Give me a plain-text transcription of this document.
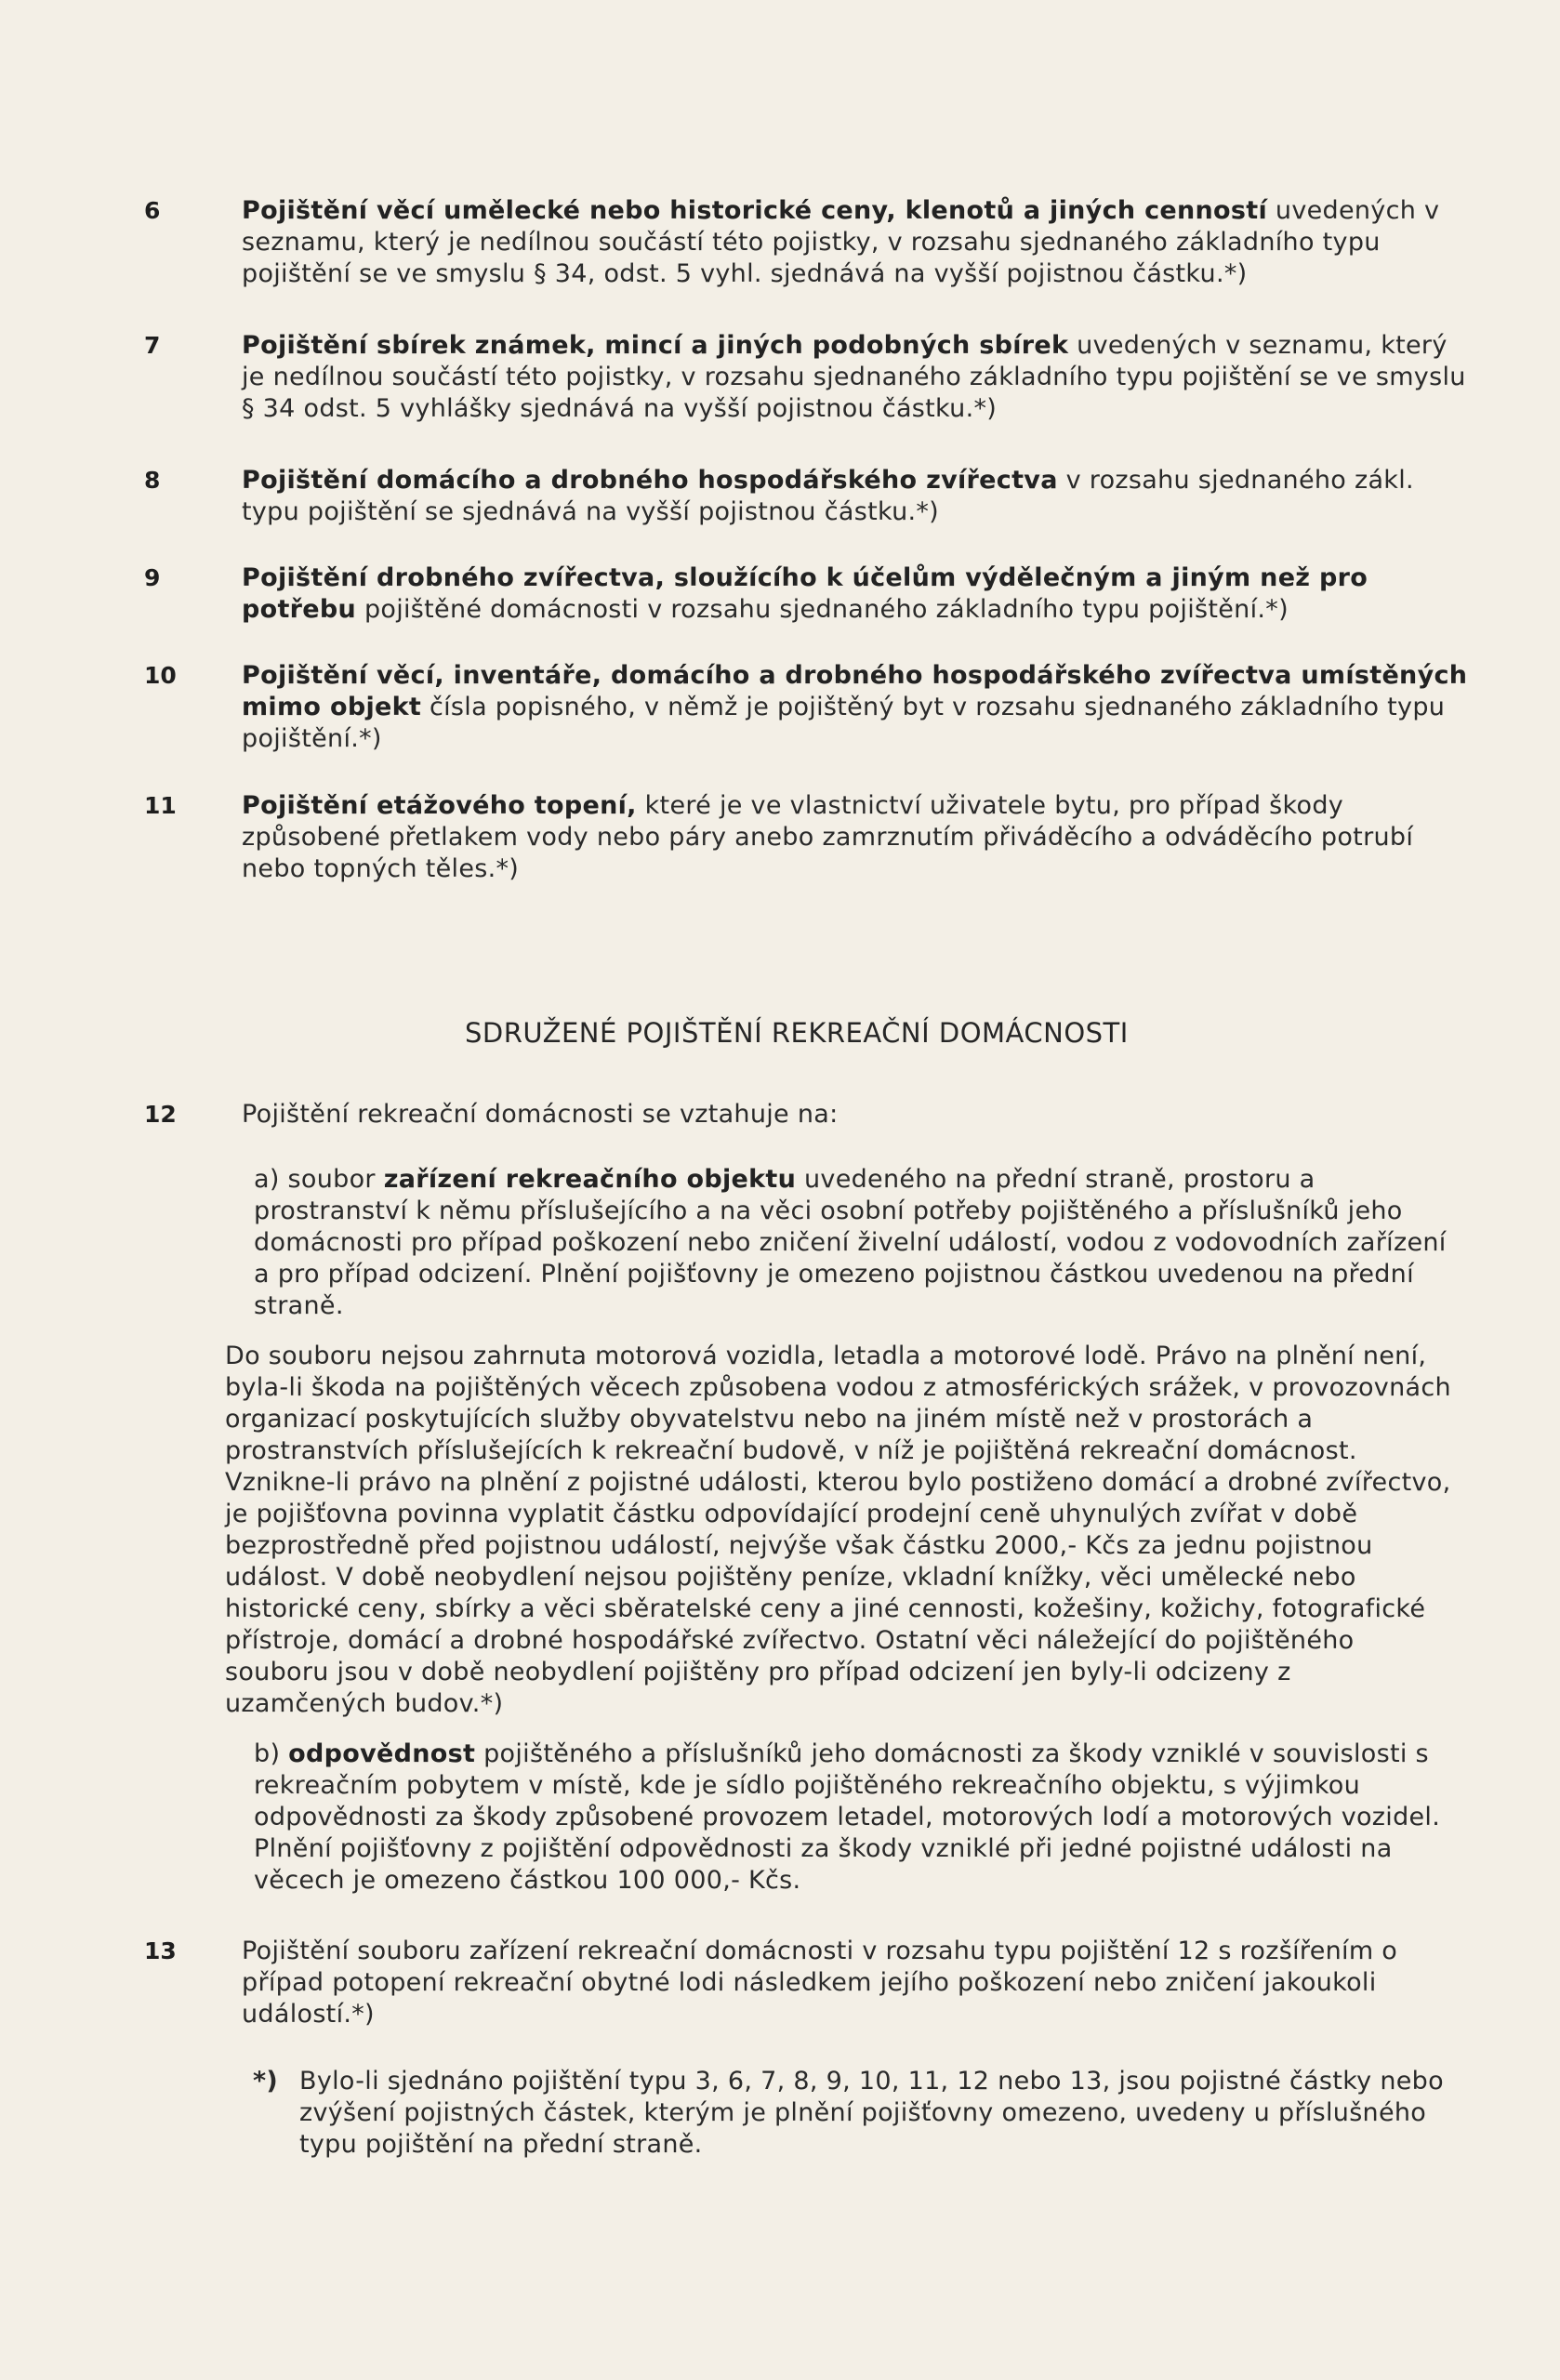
6	Pojištění věcí umělecké nebo historické ceny, klenotů a jiných cenností uvedených v seznamu, který je nedílnou součástí této pojistky, v rozsahu sjednaného základního typu pojištění se ve smyslu § 34, odst. 5 vyhl. sjednává na vyšší pojistnou částku.*)
7	Pojištění sbírek známek, mincí a jiných podobných sbírek uvedených v seznamu, který je nedílnou součástí této pojistky, v rozsahu sjednaného základního typu pojištění se ve smyslu § 34 odst. 5 vyhlášky sjednává na vyšší pojistnou částku.*)
8	Pojištění domácího a drobného hospodářského zvířectva v rozsahu sjednaného zákl. typu pojištění se sjednává na vyšší pojistnou částku.*)
9	Pojištění drobného zvířectva, sloužícího k účelům výdělečným a jiným než pro potřebu pojištěné domácnosti v rozsahu sjednaného základního typu pojištění.*)
10	Pojištění věcí, inventáře, domácího a drobného hospodářského zvířectva umístěných mimo objekt čísla popisného, v němž je pojištěný byt v rozsahu sjednaného základního typu pojištění.*)
11	Pojištění etážového topení, které je ve vlastnictví uživatele bytu, pro případ škody způsobené přetlakem vody nebo páry anebo zamrznutím přiváděcího a odváděcího potrubí nebo topných těles.*)
SDRUŽENÉ POJIŠTĚNÍ REKREAČNÍ DOMÁCNOSTI
12	Pojištění rekreační domácnosti se vztahuje na:
a) soubor zařízení rekreačního objektu uvedeného na přední straně, prostoru a prostranství k němu příslušejícího a na věci osobní potřeby pojištěného a příslušníků jeho domácnosti pro případ poškození nebo zničení živelní událostí, vodou z vodovodních zařízení a pro případ odcizení. Plnění pojišťovny je omezeno pojistnou částkou uvedenou na přední straně.
Do souboru nejsou zahrnuta motorová vozidla, letadla a motorové lodě. Právo na plnění není, byla-li škoda na pojištěných věcech způsobena vodou z atmosférických srážek, v provozovnách organizací poskytujících služby obyvatelstvu nebo na jiném místě než v prostorách a prostranstvích příslušejících k rekreační budově, v níž je pojištěná rekreační domácnost. Vznikne-li právo na plnění z pojistné události, kterou bylo postiženo domácí a drobné zvířectvo, je pojišťovna povinna vyplatit částku odpovídající prodejní ceně uhynulých zvířat v době bezprostředně před pojistnou událostí, nejvýše však částku 2000,- Kčs za jednu pojistnou událost. V době neobydlení nejsou pojištěny peníze, vkladní knížky, věci umělecké nebo historické ceny, sbírky a věci sběratelské ceny a jiné cennosti, kožešiny, kožichy, fotografické přístroje, domácí a drobné hospodářské zvířectvo. Ostatní věci náležející do pojištěného souboru jsou v době neobydlení pojištěny pro případ odcizení jen byly-li odcizeny z uzamčených budov.*)
b) odpovědnost pojištěného a příslušníků jeho domácnosti za škody vzniklé v souvislosti s rekreačním pobytem v místě, kde je sídlo pojištěného rekreačního objektu, s výjimkou odpovědnosti za škody způsobené provozem letadel, motorových lodí a motorových vozidel. Plnění pojišťovny z pojištění odpovědnosti za škody vzniklé při jedné pojistné události na věcech je omezeno částkou 100 000,- Kčs.
13	Pojištění souboru zařízení rekreační domácnosti v rozsahu typu pojištění 12 s rozšířením o případ potopení rekreační obytné lodi následkem jejího poškození nebo zničení jakoukoli událostí.*)
*) Bylo-li sjednáno pojištění typu 3, 6, 7, 8, 9, 10, 11, 12 nebo 13, jsou pojistné částky nebo zvýšení pojistných částek, kterým je plnění pojišťovny omezeno, uvedeny u příslušného typu pojištění na přední straně.
